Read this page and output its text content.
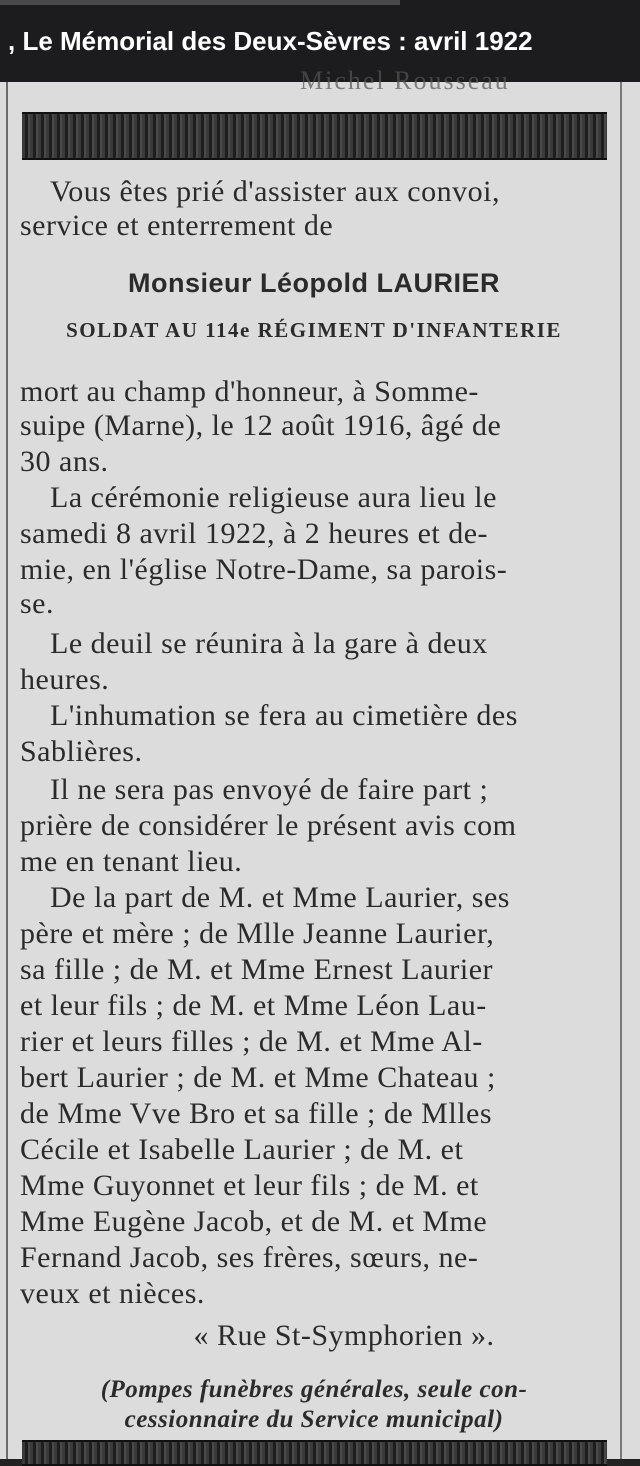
, Le Mémorial des Deux-Sèvres : avril 1922
Michel Rousseau
Vous êtes prié d'assister aux convoi,
service et enterrement de
Monsieur Léopold LAURIER
SOLDAT AU 114e RÉGIMENT D'INFANTERIE
mort au champ d'honneur, à Somme-
suipe (Marne), le 12 août 1916, âgé de
30 ans.
La cérémonie religieuse aura lieu le
samedi 8 avril 1922, à 2 heures et de-
mie, en l'église Notre-Dame, sa parois-
se.
Le deuil se réunira à la gare à deux
heures.
L'inhumation se fera au cimetière des
Sablières.
Il ne sera pas envoyé de faire part ;
prière de considérer le présent avis com
me en tenant lieu.
De la part de M. et Mme Laurier, ses
père et mère ; de Mlle Jeanne Laurier,
sa fille ; de M. et Mme Ernest Laurier
et leur fils ; de M. et Mme Léon Lau-
rier et leurs filles ; de M. et Mme Al-
bert Laurier ; de M. et Mme Chateau ;
de Mme Vve Bro et sa fille ; de Mlles
Cécile et Isabelle Laurier ; de M. et
Mme Guyonnet et leur fils ; de M. et
Mme Eugène Jacob, et de M. et Mme
Fernand Jacob, ses frères, sœurs, ne-
veux et nièces.
« Rue St-Symphorien ».
(Pompes funèbres générales, seule con-
cessionnaire du Service municipal)
